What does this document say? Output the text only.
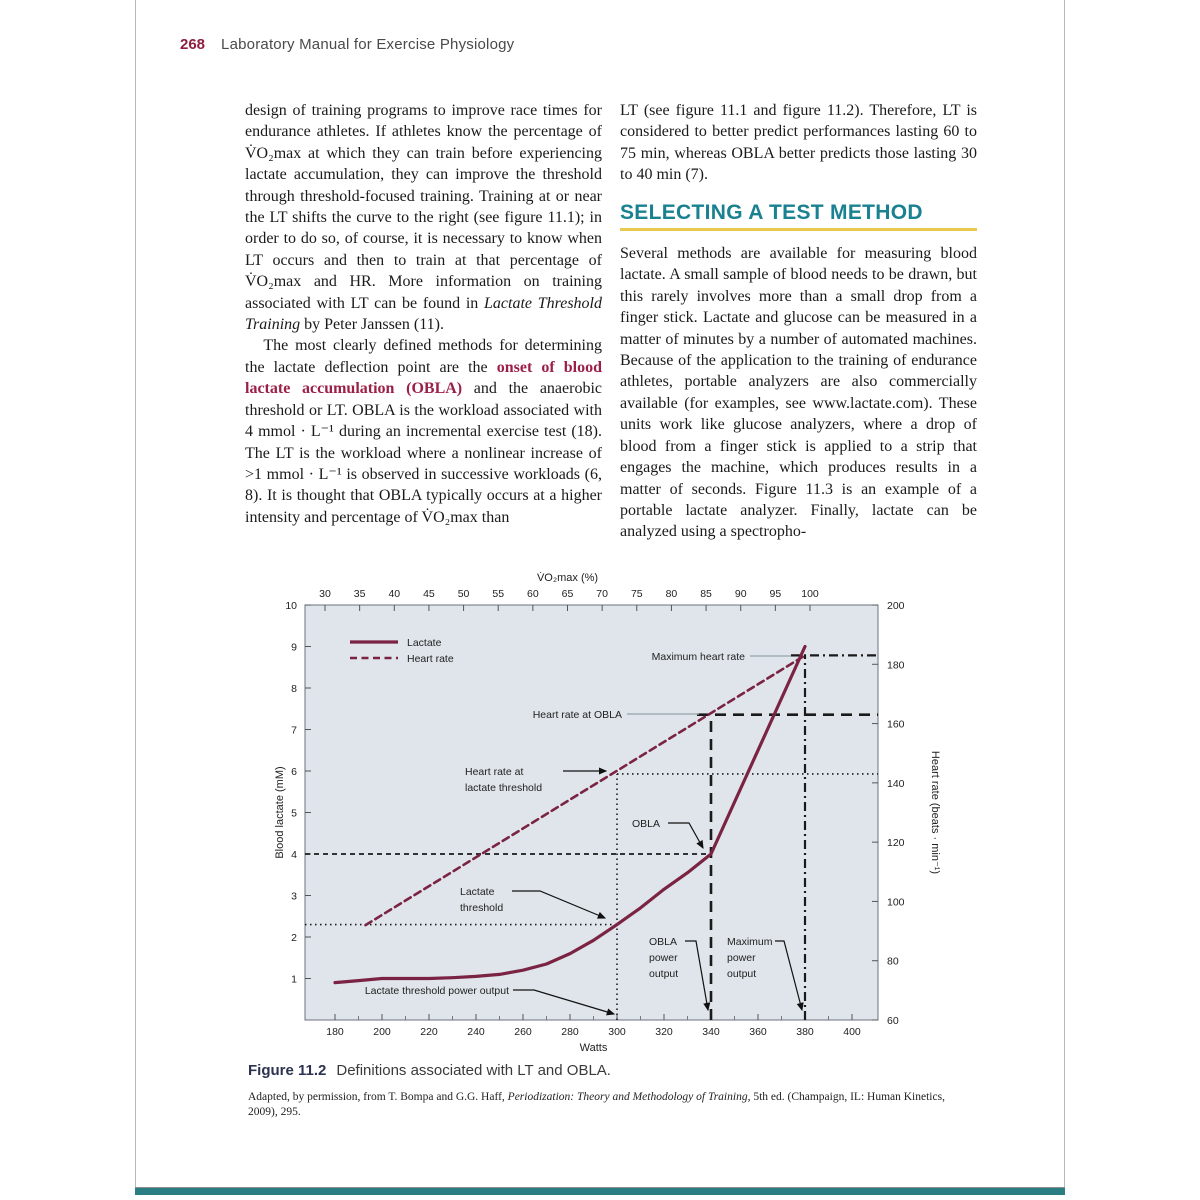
268 Laboratory Manual for Exercise Physiology

design of training programs to improve race times for endurance athletes. If athletes know the percentage of V̇O₂max at which they can train before experiencing lactate accumulation, they can improve the threshold through threshold-focused training. Training at or near the LT shifts the curve to the right (see figure 11.1); in order to do so, of course, it is necessary to know when LT occurs and then to train at that percentage of V̇O₂max and HR. More information on training associated with LT can be found in Lactate Threshold Training by Peter Janssen (11).

The most clearly defined methods for determining the lactate deflection point are the onset of blood lactate accumulation (OBLA) and the anaerobic threshold or LT. OBLA is the workload associated with 4 mmol · L⁻¹ during an incremental exercise test (18). The LT is the workload where a nonlinear increase of >1 mmol · L⁻¹ is observed in successive workloads (6, 8). It is thought that OBLA typically occurs at a higher intensity and percentage of V̇O₂max than

LT (see figure 11.1 and figure 11.2). Therefore, LT is considered to better predict performances lasting 60 to 75 min, whereas OBLA better predicts those lasting 30 to 40 min (7).

SELECTING A TEST METHOD

Several methods are available for measuring blood lactate. A small sample of blood needs to be drawn, but this rarely involves more than a small drop from a finger stick. Lactate and glucose can be measured in a matter of minutes by a number of automated machines. Because of the application to the training of endurance athletes, portable analyzers are also commercially available (for examples, see www.lactate.com). These units work like glucose analyzers, where a drop of blood from a finger stick is applied to a strip that engages the machine, which produces results in a matter of seconds. Figure 11.3 is an example of a portable lactate analyzer. Finally, lactate can be analyzed using a spectropho-

180	200	220	240	260	280	300	320	340	360	380	400
Watts
30 35 40 45 50 55 60 65 70 75 80 85 90 95 100
V̇O₂max (%)
1
2
3
4
5
6
7
8
9
10
Blood lactate (mM)
60
80
100
120
140
160
180
200
Heart rate (beats · min⁻¹)
Lactate
Heart rate	Maximum heart rate
Heart rate at OBLA
Heart rate at
lactate threshold
OBLA
Lactate
threshold
OBLA
power
output
Maximum
power
output
Lactate threshold power output
Figure 11.2 Definitions associated with LT and OBLA.
Adapted, by permission, from T. Bompa and G.G. Haff, Periodization: Theory and Methodology of Training, 5th ed. (Champaign, IL: Human Kinetics, 2009), 295.
